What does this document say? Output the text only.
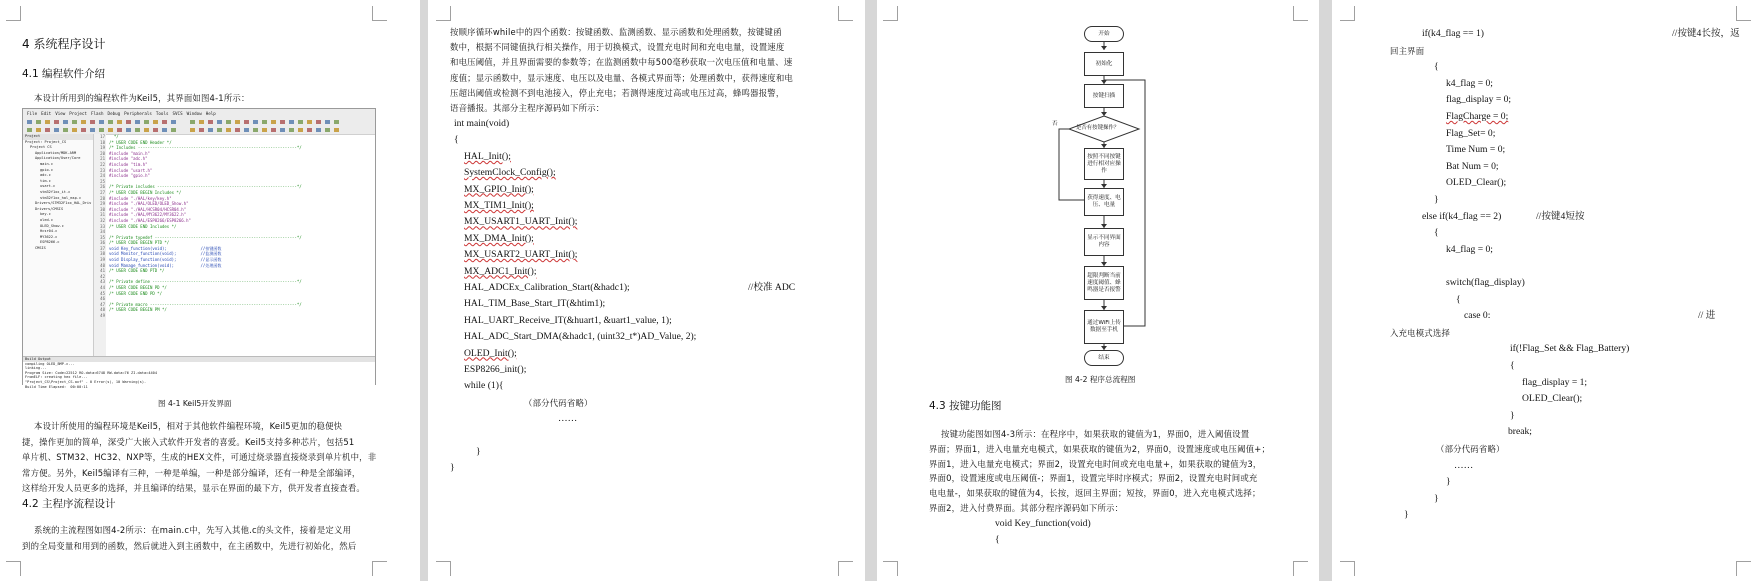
4 系统程序设计
4.1 编程软件介绍
本设计所用到的编程软件为Keil5，其界面如图4-1所示：
File Edit View Project Flash Debug Peripherals Tools SVCS Window Help
Project
Project: Project_CS
Project CS
Application/MDK-ARM
Application/User/Core
main.c
gpio.c
adc.c
tim.c
usart.c
stm32f1xx_it.c
stm32f1xx_hal_msp.c
Drivers/STM32F1xx_HAL_Driv
Drivers/CMSIS
key.c
oled.c
OLED_Show.c
Hcsr04.c
MY3622.c
ESP8266.c
CMSIS
17
18
19
20
21
22
23
24
25
26
27
28
29
30
31
32
33
34
35
36
37
38
39
40
41
42
43
44
45
46
47
48
49
*/
/* USER CODE END Header */
/* Includes ------------------------------------------------------------------*/
#include "main.h"
#include "adc.h"
#include "tim.h"
#include "usart.h"
#include "gpio.h"
/* Private includes ----------------------------------------------------------*/
/* USER CODE BEGIN Includes */
#include "./HAL/key/key.h"
#include "./HAL/OLED/OLED_Show.h"
#include "./HAL/HCSR04/HCSR04.h"
#include "./HAL/MY3622/MY3622.h"
#include "./HAL/ESP8266/ESP8266.h"
/* USER CODE END Includes */
/* Private typedef -----------------------------------------------------------*/
/* USER CODE BEGIN PTD */
void Key_function(void);              //按键函数
void Monitor_function(void);          //监测函数
void Display_function(void);          //显示函数
void Manage_function(void);           //处理函数
/* USER CODE END PTD */
/* Private define ------------------------------------------------------------*/
/* USER CODE BEGIN PD */
/* USER CODE END PD */
/* Private macro -------------------------------------------------------------*/
/* USER CODE BEGIN PM */
Build Output
compiling OLED_BMP.c...
linking...
Program Size: Code=22512 RO-data=6748 RW-data=76 ZI-data=4404
FromELF: creating hex file...
"Project_CS\Project_CS.axf" - 0 Error(s), 10 Warning(s).
Build Time Elapsed:  00:00:11
图 4-1 Keil5开发界面
本设计所使用的编程环境是Keil5，相对于其他软件编程环境，Keil5更加的稳便快
捷，操作更加的简单，深受广大嵌入式软件开发者的喜爱。Keil5支持多种芯片，包括51
单片机、STM32、HC32、NXP等，生成的HEX文件，可通过烧录器直接烧录到单片机中，非
常方便。另外，Keil5编译有三种，一种是单编，一种是部分编译，还有一种是全部编译，
这样给开发人员更多的选择，并且编译的结果，显示在界面的最下方，供开发者直接查看。
4.2 主程序流程设计
系统的主流程图如图4-2所示：在main.c中，先写入其他.c的头文件，接着是定义用
到的全局变量和用到的函数，然后就进入到主函数中，在主函数中，先进行初始化，然后
按顺序循环while中的四个函数：按键函数、监测函数、显示函数和处理函数，按键键函
数中，根据不同键值执行相关操作，用于切换模式，设置充电时间和充电电量，设置速度
和电压阈值，并且界面需要的参数等；在监测函数中每500毫秒获取一次电压值和电量、速
度值；显示函数中，显示速度、电压以及电量、各模式界面等；处理函数中，获得速度和电
压超出阈值或检测不到电池接入，停止充电；若测得速度过高或电压过高，蜂鸣器报警，
语音播报。其部分主程序源码如下所示：
int main(void)
{
HAL_Init();
SystemClock_Config();
MX_GPIO_Init();
MX_TIM1_Init();
MX_USART1_UART_Init();
MX_DMA_Init();
MX_USART2_UART_Init();
MX_ADC1_Init();
HAL_ADCEx_Calibration_Start(&hadc1);	//校准 ADC
HAL_TIM_Base_Start_IT(&htim1);
HAL_UART_Receive_IT(&huart1, &uart1_value, 1);
HAL_ADC_Start_DMA(&hadc1, (uint32_t*)AD_Value, 2);
OLED_Init();
ESP8266_init();
while (1){
（部分代码省略）
……
}
}
开始
初始化
按键扫描
是否有按键操作？
否
按照不同按键进行相对应操作
获得速度、电压、电量
显示不同界面内容
超限判断当前速度阈值、蜂鸣器是否报警
通过WiFi上传数据至手机
结束
图 4-2 程序总流程图
4.3 按键功能图
按键功能图如图4-3所示：在程序中，如果获取的键值为1，界面0，进入阈值设置
界面；界面1，进入电量充电模式，如果获取的键值为2，界面0，设置速度或电压阈值+；
界面1，进入电量充电模式；界面2，设置充电时间或充电电量+，如果获取的键值为3，
界面0，设置速度或电压阈值-；界面1，设置完毕时序模式；界面2，设置充电时间或充
电电量-，如果获取的键值为4，长按，返回主界面；短按，界面0，进入充电模式选择；
界面2，进入付费界面。其部分程序源码如下所示：
void Key_function(void)
{
if(k4_flag == 1)	//按键4长按，返
回主界面
{
k4_flag = 0;
flag_display = 0;
FlagCharge = 0;
Flag_Set= 0;
Time Num = 0;
Bat Num = 0;
OLED_Clear();
}
else if(k4_flag == 2)	//按键4短按
{
k4_flag = 0;
switch(flag_display)
{
case 0:	// 进
入充电模式选择
if(!Flag_Set && Flag_Battery)
{
flag_display = 1;
OLED_Clear();
}
break;
（部分代码省略）
……
}
}
}
